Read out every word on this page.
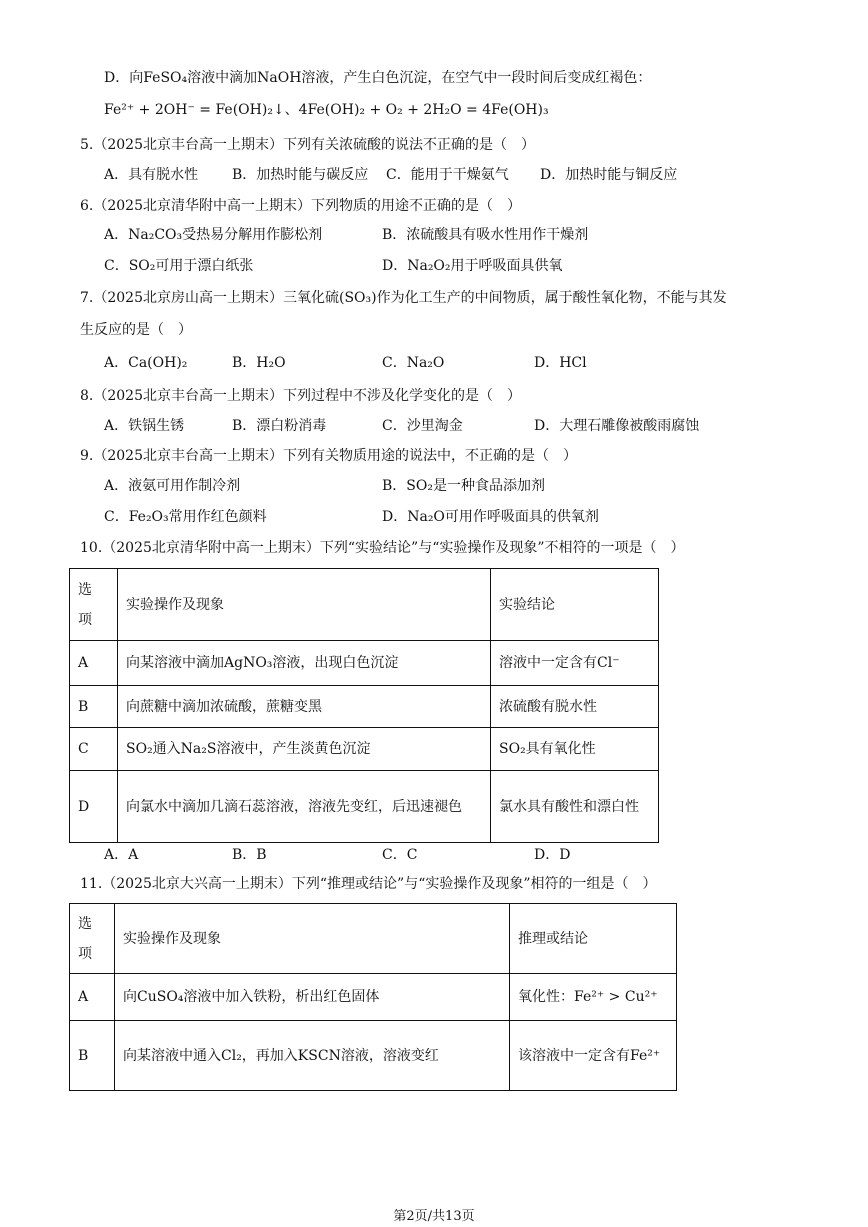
D．向FeSO₄溶液中滴加NaOH溶液，产生白色沉淀，在空气中一段时间后变成红褐色：
Fe²⁺ + 2OH⁻ = Fe(OH)₂↓、4Fe(OH)₂ + O₂ + 2H₂O = 4Fe(OH)₃
5.（2025北京丰台高一上期末）下列有关浓硫酸的说法不正确的是（　）
A．具有脱水性 B．加热时能与碳反应 C．能用于干燥氨气 D．加热时能与铜反应
6.（2025北京清华附中高一上期末）下列物质的用途不正确的是（　）
A．Na₂CO₃受热易分解用作膨松剂	B．浓硫酸具有吸水性用作干燥剂
C．SO₂可用于漂白纸张	D．Na₂O₂用于呼吸面具供氧
7.（2025北京房山高一上期末）三氧化硫(SO₃)作为化工生产的中间物质，属于酸性氧化物，不能与其发
生反应的是（　）
A．Ca(OH)₂	B．H₂O	C．Na₂O	D．HCl
8.（2025北京丰台高一上期末）下列过程中不涉及化学变化的是（　）
A．铁锅生锈	B．漂白粉消毒	C．沙里淘金	D．大理石雕像被酸雨腐蚀
9.（2025北京丰台高一上期末）下列有关物质用途的说法中，不正确的是（　）
A．液氨可用作制冷剂	B．SO₂是一种食品添加剂
C．Fe₂O₃常用作红色颜料	D．Na₂O可用作呼吸面具的供氧剂
10.（2025北京清华附中高一上期末）下列“实验结论”与“实验操作及现象”不相符的一项是（　）
选
项	实验操作及现象	实验结论
A	向某溶液中滴加AgNO₃溶液，出现白色沉淀	溶液中一定含有Cl⁻
B	向蔗糖中滴加浓硫酸，蔗糖变黑	浓硫酸有脱水性
C	SO₂通入Na₂S溶液中，产生淡黄色沉淀	SO₂具有氧化性
D	向氯水中滴加几滴石蕊溶液，溶液先变红，后迅速褪色	氯水具有酸性和漂白性
A．A	B．B	C．C	D．D
11.（2025北京大兴高一上期末）下列“推理或结论”与“实验操作及现象”相符的一组是（　）
选
项	实验操作及现象	推理或结论
A	向CuSO₄溶液中加入铁粉，析出红色固体	氧化性：Fe²⁺ > Cu²⁺
B	向某溶液中通入Cl₂，再加入KSCN溶液，溶液变红	该溶液中一定含有Fe²⁺
第2页/共13页
